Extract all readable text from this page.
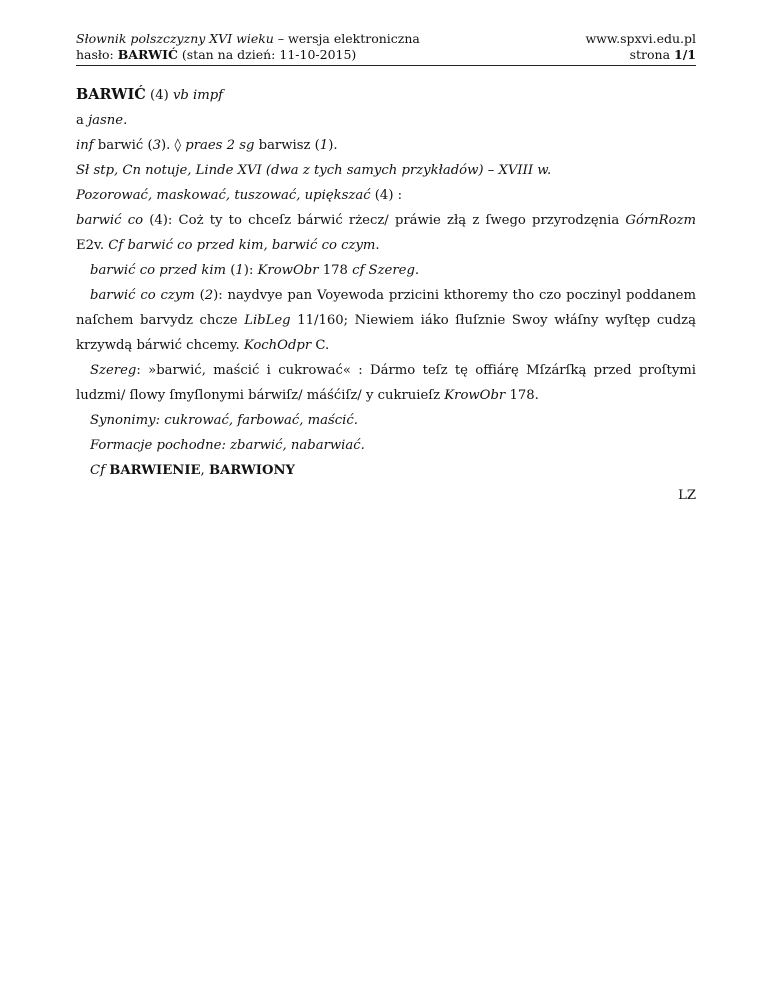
Słownik polszczyzny XVI wieku – wersja elektroniczna
hasło: BARWIĆ (stan na dzień: 11-10-2015)
www.spxvi.edu.pl
strona 1/1

BARWIĆ (4) vb impf

a jasne.

inf barwić (3). ◊ praes 2 sg barwisz (1).

Sł stp, Cn notuje, Linde XVI (dwa z tych samych przykładów) – XVIII w.

Pozorować, maskować, tuszować, upiększać (4) :

barwić co (4): Coż ty to chceſz bárwić rżecz/ práwie złą z ſwego przyrodzęnia GórnRozm E2v. Cf barwić co przed kim, barwić co czym.

barwić co przed kim (1): KrowObr 178 cf Szereg.

barwić co czym (2): naydvye pan Voyewoda przicini kthoremy tho czo poczinyl poddanem naſchem barvydz chcze LibLeg 11/160; Niewiem iáko ſłuſznie Swoy włáſny wyſtęp cudzą krzywdą bárwić chcemy. KochOdpr C.

Szereg: »barwić, maścić i cukrować« : Dármo teſz tę offiárę Mſzárſką przed proſtymi ludzmi/ ſlowy ſmyſlonymi bárwiſz/ máśćiſz/ y cukruieſz KrowObr 178.

Synonimy: cukrować, farbować, maścić.

Formacje pochodne: zbarwić, nabarwiać.

Cf BARWIENIE, BARWIONY

LZ
